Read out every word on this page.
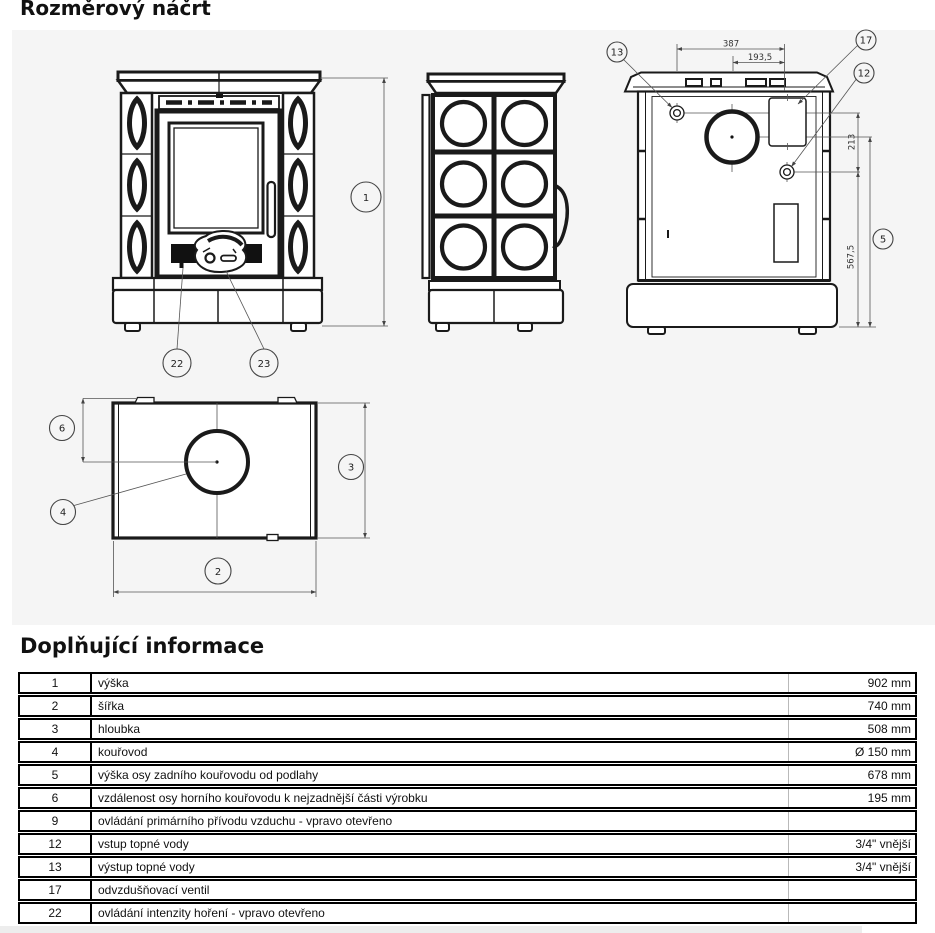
Rozměrový náčrt
1
22	23
387
193,5
213
567,5
5
13
17
12
6
3
2
4
Doplňující informace
1	výška	902 mm
2	šířka	740 mm
3	hloubka	508 mm
4	kouřovod	Ø 150 mm
5	výška osy zadního kouřovodu od podlahy	678 mm
6	vzdálenost osy horního kouřovodu k nejzadnější části výrobku	195 mm
9	ovládání primárního přívodu vzduchu - vpravo otevřeno
12	vstup topné vody	3/4" vnější
13	výstup topné vody	3/4" vnější
17	odvzdušňovací ventil
22	ovládání intenzity hoření - vpravo otevřeno
